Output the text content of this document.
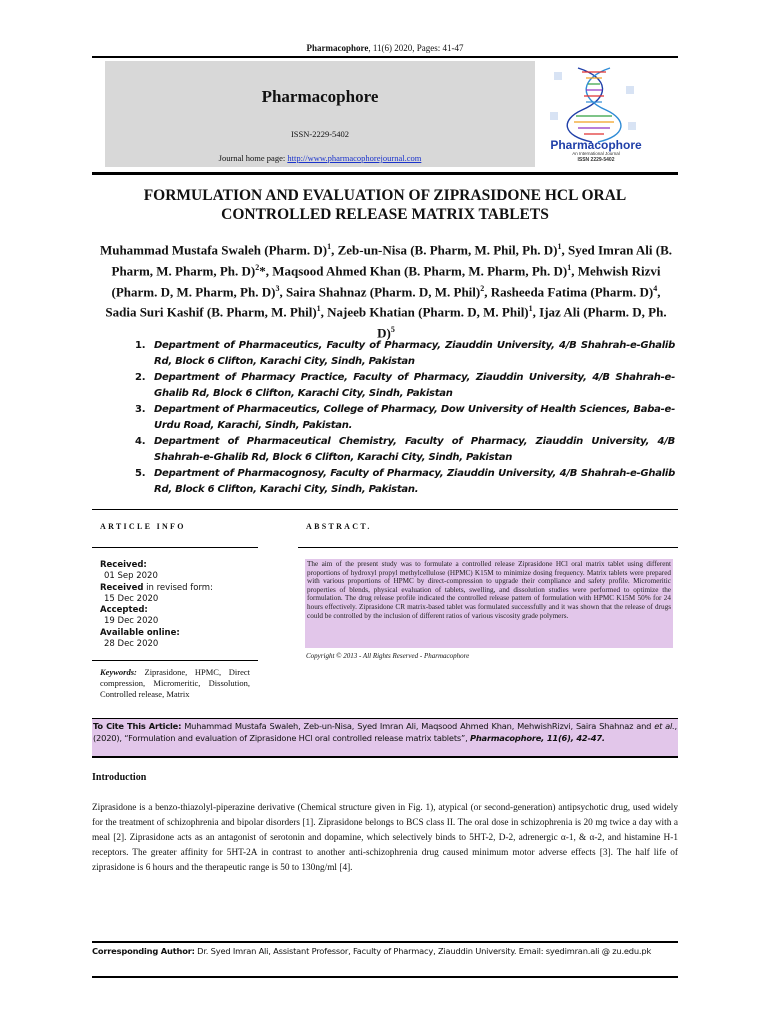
Pharmacophore, 11(6) 2020, Pages: 41-47
Pharmacophore
ISSN-2229-5402
Journal home page: http://www.pharmacophorejournal.com
Pharmacophore
An International Journal
ISSN 2229-5402
FORMULATION AND EVALUATION OF ZIPRASIDONE HCL ORAL CONTROLLED RELEASE MATRIX TABLETS
Muhammad Mustafa Swaleh (Pharm. D)$^1$, Zeb-un-Nisa (B. Pharm, M. Phil, Ph. D)$^1$, Syed Imran Ali (B. Pharm, M. Pharm, Ph. D)$^2$*, Maqsood Ahmed Khan (B. Pharm, M. Pharm, Ph. D)$^1$, Mehwish Rizvi (Pharm. D, M. Pharm, Ph. D)$^3$, Saira Shahnaz (Pharm. D, M. Phil)$^2$, Rasheeda Fatima (Pharm. D)$^4$, Sadia Suri Kashif (B. Pharm, M. Phil)$^1$, Najeeb Khatian (Pharm. D, M. Phil)$^1$, Ijaz Ali (Pharm. D, Ph. D)$^5$
1. Department of Pharmaceutics, Faculty of Pharmacy, Ziauddin University, 4/B Shahrah-e-Ghalib Rd, Block 6 Clifton, Karachi City, Sindh, Pakistan
2. Department of Pharmacy Practice, Faculty of Pharmacy, Ziauddin University, 4/B Shahrah-e-Ghalib Rd, Block 6 Clifton, Karachi City, Sindh, Pakistan
3. Department of Pharmaceutics, College of Pharmacy, Dow University of Health Sciences, Baba-e-Urdu Road, Karachi, Sindh, Pakistan.
4. Department of Pharmaceutical Chemistry, Faculty of Pharmacy, Ziauddin University, 4/B Shahrah-e-Ghalib Rd, Block 6 Clifton, Karachi City, Sindh, Pakistan
5. Department of Pharmacognosy, Faculty of Pharmacy, Ziauddin University, 4/B Shahrah-e-Ghalib Rd, Block 6 Clifton, Karachi City, Sindh, Pakistan.
ARTICLE INFO	ABSTRACT.
Received:
01 Sep 2020
Received in revised form:
15 Dec 2020
Accepted:
19 Dec 2020
Available online:
28 Dec 2020
Keywords: Ziprasidone, HPMC, Direct compression, Micromeritic, Dissolution, Controlled release, Matrix
The aim of the present study was to formulate a controlled release Ziprasidone HCl oral matrix tablet using different proportions of hydroxyl propyl methylcellulose (HPMC) K15M to minimize dosing frequency. Matrix tablets were prepared with various proportions of HPMC by direct-compression to upgrade their compliance and safety profile. Micromeritic properties of blends, physical evaluation of tablets, swelling, and dissolution studies were performed to optimize the formulation. The drug release profile indicated the controlled release pattern of formulation with HPMC K15M 50% for 24 hours effectively. Ziprasidone CR matrix-based tablet was formulated successfully and it was shown that the release of drugs could be controlled by the inclusion of different ratios of various viscosity grade polymers.
Copyright © 2013 - All Rights Reserved - Pharmacophore
To Cite This Article: Muhammad Mustafa Swaleh, Zeb-un-Nisa, Syed Imran Ali, Maqsood Ahmed Khan, MehwishRizvi, Saira Shahnaz and et al., (2020), “Formulation and evaluation of Ziprasidone HCl oral controlled release matrix tablets”, Pharmacophore, 11(6), 42-47.
Introduction
Ziprasidone is a benzo-thiazolyl-piperazine derivative (Chemical structure given in Fig. 1), atypical (or second-generation) antipsychotic drug, used widely for the treatment of schizophrenia and bipolar disorders [1]. Ziprasidone belongs to BCS class II. The oral dose in schizophrenia is 20 mg twice a day with a meal [2]. Ziprasidone acts as an antagonist of serotonin and dopamine, which selectively binds to 5HT-2, D-2, adrenergic α-1, & α-2, and histamine H-1 receptors. The greater affinity for 5HT-2A in contrast to another anti-schizophrenia drug caused minimum motor adverse effects [3]. The half life of ziprasidone is 6 hours and the therapeutic range is 50 to 130ng/ml [4].
Corresponding Author: Dr. Syed Imran Ali, Assistant Professor, Faculty of Pharmacy, Ziauddin University. Email: syedimran.ali @ zu.edu.pk
